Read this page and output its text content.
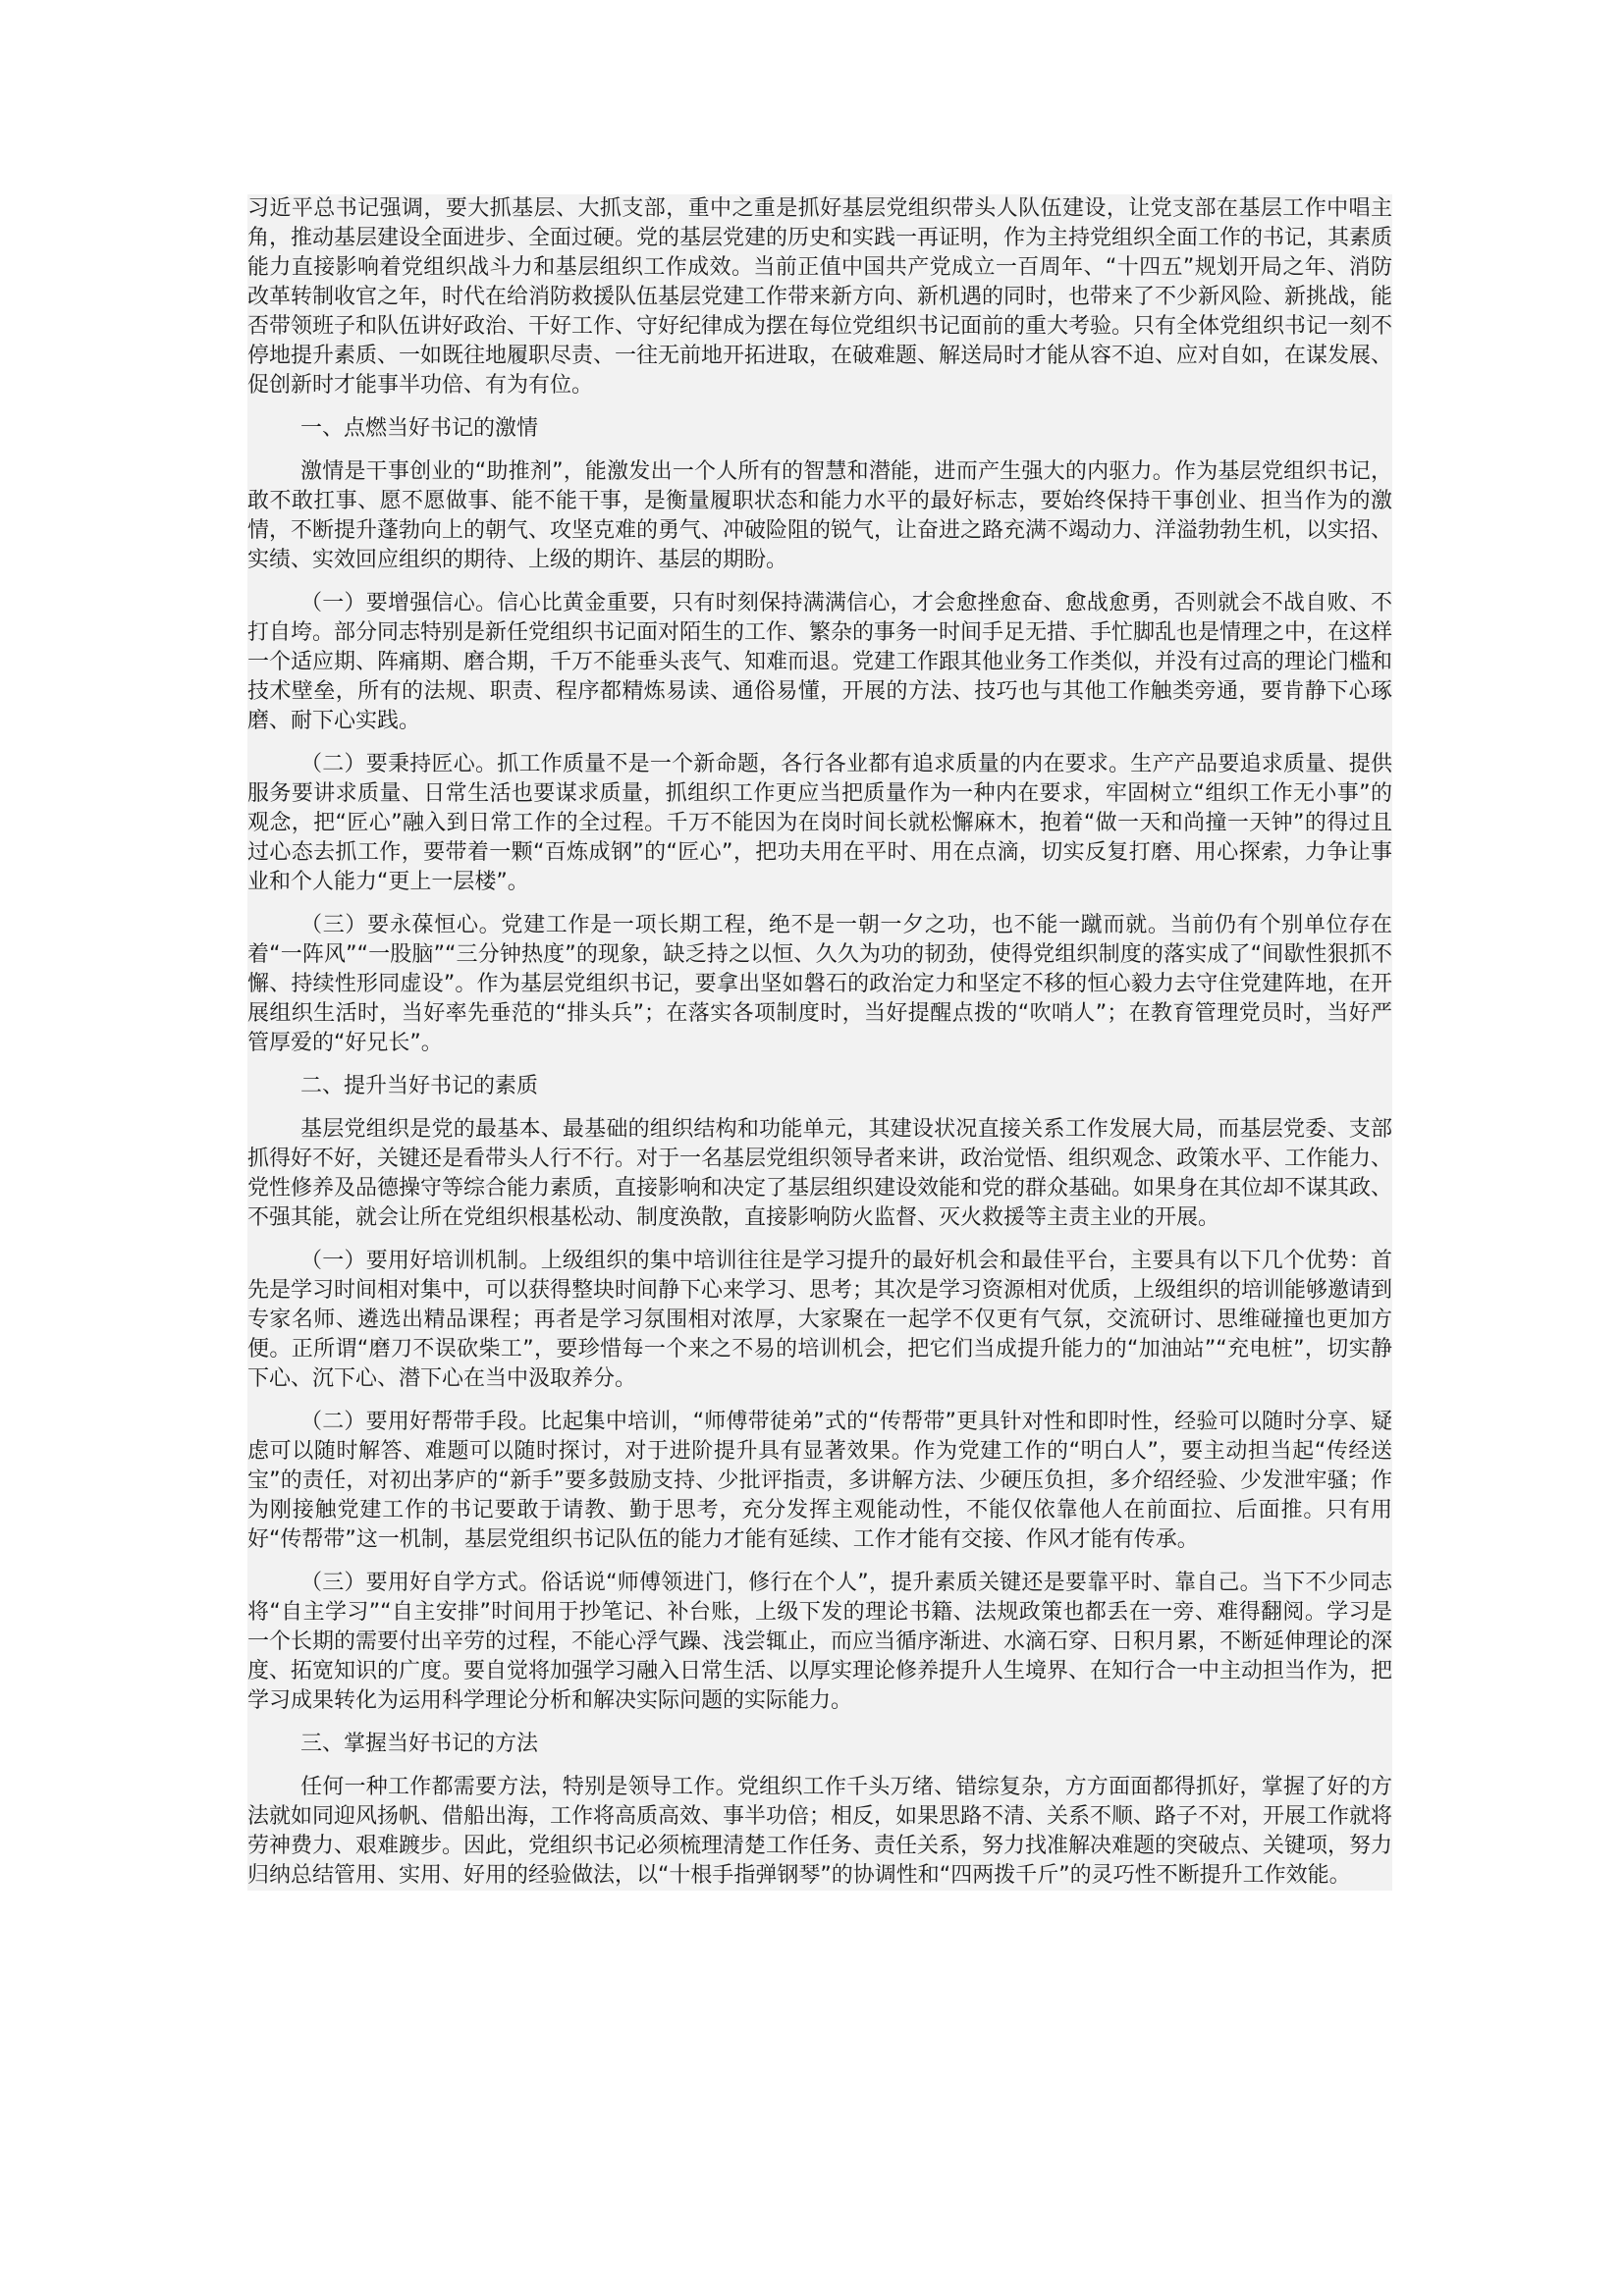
习近平总书记强调，要大抓基层、大抓支部，重中之重是抓好基层党组织带头人队伍建设，让党支部在基层工作中唱主角，推动基层建设全面进步、全面过硬。党的基层党建的历史和实践一再证明，作为主持党组织全面工作的书记，其素质能力直接影响着党组织战斗力和基层组织工作成效。当前正值中国共产党成立一百周年、“十四五”规划开局之年、消防改革转制收官之年，时代在给消防救援队伍基层党建工作带来新方向、新机遇的同时，也带来了不少新风险、新挑战，能否带领班子和队伍讲好政治、干好工作、守好纪律成为摆在每位党组织书记面前的重大考验。只有全体党组织书记一刻不停地提升素质、一如既往地履职尽责、一往无前地开拓进取，在破难题、解送局时才能从容不迫、应对自如，在谋发展、促创新时才能事半功倍、有为有位。

一、点燃当好书记的激情

激情是干事创业的“助推剂”，能激发出一个人所有的智慧和潜能，进而产生强大的内驱力。作为基层党组织书记，敢不敢扛事、愿不愿做事、能不能干事，是衡量履职状态和能力水平的最好标志，要始终保持干事创业、担当作为的激情，不断提升蓬勃向上的朝气、攻坚克难的勇气、冲破险阻的锐气，让奋进之路充满不竭动力、洋溢勃勃生机，以实招、实绩、实效回应组织的期待、上级的期许、基层的期盼。

（一）要增强信心。信心比黄金重要，只有时刻保持满满信心，才会愈挫愈奋、愈战愈勇，否则就会不战自败、不打自垮。部分同志特别是新任党组织书记面对陌生的工作、繁杂的事务一时间手足无措、手忙脚乱也是情理之中，在这样一个适应期、阵痛期、磨合期，千万不能垂头丧气、知难而退。党建工作跟其他业务工作类似，并没有过高的理论门槛和技术壁垒，所有的法规、职责、程序都精炼易读、通俗易懂，开展的方法、技巧也与其他工作触类旁通，要肯静下心琢磨、耐下心实践。

（二）要秉持匠心。抓工作质量不是一个新命题，各行各业都有追求质量的内在要求。生产产品要追求质量、提供服务要讲求质量、日常生活也要谋求质量，抓组织工作更应当把质量作为一种内在要求，牢固树立“组织工作无小事”的观念，把“匠心”融入到日常工作的全过程。千万不能因为在岗时间长就松懈麻木，抱着“做一天和尚撞一天钟”的得过且过心态去抓工作，要带着一颗“百炼成钢”的“匠心”，把功夫用在平时、用在点滴，切实反复打磨、用心探索，力争让事业和个人能力“更上一层楼”。

（三）要永葆恒心。党建工作是一项长期工程，绝不是一朝一夕之功，也不能一蹴而就。当前仍有个别单位存在着“一阵风”“一股脑”“三分钟热度”的现象，缺乏持之以恒、久久为功的韧劲，使得党组织制度的落实成了“间歇性狠抓不懈、持续性形同虚设”。作为基层党组织书记，要拿出坚如磐石的政治定力和坚定不移的恒心毅力去守住党建阵地，在开展组织生活时，当好率先垂范的“排头兵”；在落实各项制度时，当好提醒点拨的“吹哨人”；在教育管理党员时，当好严管厚爱的“好兄长”。

二、提升当好书记的素质

基层党组织是党的最基本、最基础的组织结构和功能单元，其建设状况直接关系工作发展大局，而基层党委、支部抓得好不好，关键还是看带头人行不行。对于一名基层党组织领导者来讲，政治觉悟、组织观念、政策水平、工作能力、党性修养及品德操守等综合能力素质，直接影响和决定了基层组织建设效能和党的群众基础。如果身在其位却不谋其政、不强其能，就会让所在党组织根基松动、制度涣散，直接影响防火监督、灭火救援等主责主业的开展。

（一）要用好培训机制。上级组织的集中培训往往是学习提升的最好机会和最佳平台，主要具有以下几个优势：首先是学习时间相对集中，可以获得整块时间静下心来学习、思考；其次是学习资源相对优质，上级组织的培训能够邀请到专家名师、遴选出精品课程；再者是学习氛围相对浓厚，大家聚在一起学不仅更有气氛，交流研讨、思维碰撞也更加方便。正所谓“磨刀不误砍柴工”，要珍惜每一个来之不易的培训机会，把它们当成提升能力的“加油站”“充电桩”，切实静下心、沉下心、潜下心在当中汲取养分。

（二）要用好帮带手段。比起集中培训，“师傅带徒弟”式的“传帮带”更具针对性和即时性，经验可以随时分享、疑虑可以随时解答、难题可以随时探讨，对于进阶提升具有显著效果。作为党建工作的“明白人”，要主动担当起“传经送宝”的责任，对初出茅庐的“新手”要多鼓励支持、少批评指责，多讲解方法、少硬压负担，多介绍经验、少发泄牢骚；作为刚接触党建工作的书记要敢于请教、勤于思考，充分发挥主观能动性，不能仅依靠他人在前面拉、后面推。只有用好“传帮带”这一机制，基层党组织书记队伍的能力才能有延续、工作才能有交接、作风才能有传承。

（三）要用好自学方式。俗话说“师傅领进门，修行在个人”，提升素质关键还是要靠平时、靠自己。当下不少同志将“自主学习”“自主安排”时间用于抄笔记、补台账，上级下发的理论书籍、法规政策也都丢在一旁、难得翻阅。学习是一个长期的需要付出辛劳的过程，不能心浮气躁、浅尝辄止，而应当循序渐进、水滴石穿、日积月累，不断延伸理论的深度、拓宽知识的广度。要自觉将加强学习融入日常生活、以厚实理论修养提升人生境界、在知行合一中主动担当作为，把学习成果转化为运用科学理论分析和解决实际问题的实际能力。

三、掌握当好书记的方法

任何一种工作都需要方法，特别是领导工作。党组织工作千头万绪、错综复杂，方方面面都得抓好，掌握了好的方法就如同迎风扬帆、借船出海，工作将高质高效、事半功倍；相反，如果思路不清、关系不顺、路子不对，开展工作就将劳神费力、艰难踱步。因此，党组织书记必须梳理清楚工作任务、责任关系，努力找准解决难题的突破点、关键项，努力归纳总结管用、实用、好用的经验做法，以“十根手指弹钢琴”的协调性和“四两拨千斤”的灵巧性不断提升工作效能。
